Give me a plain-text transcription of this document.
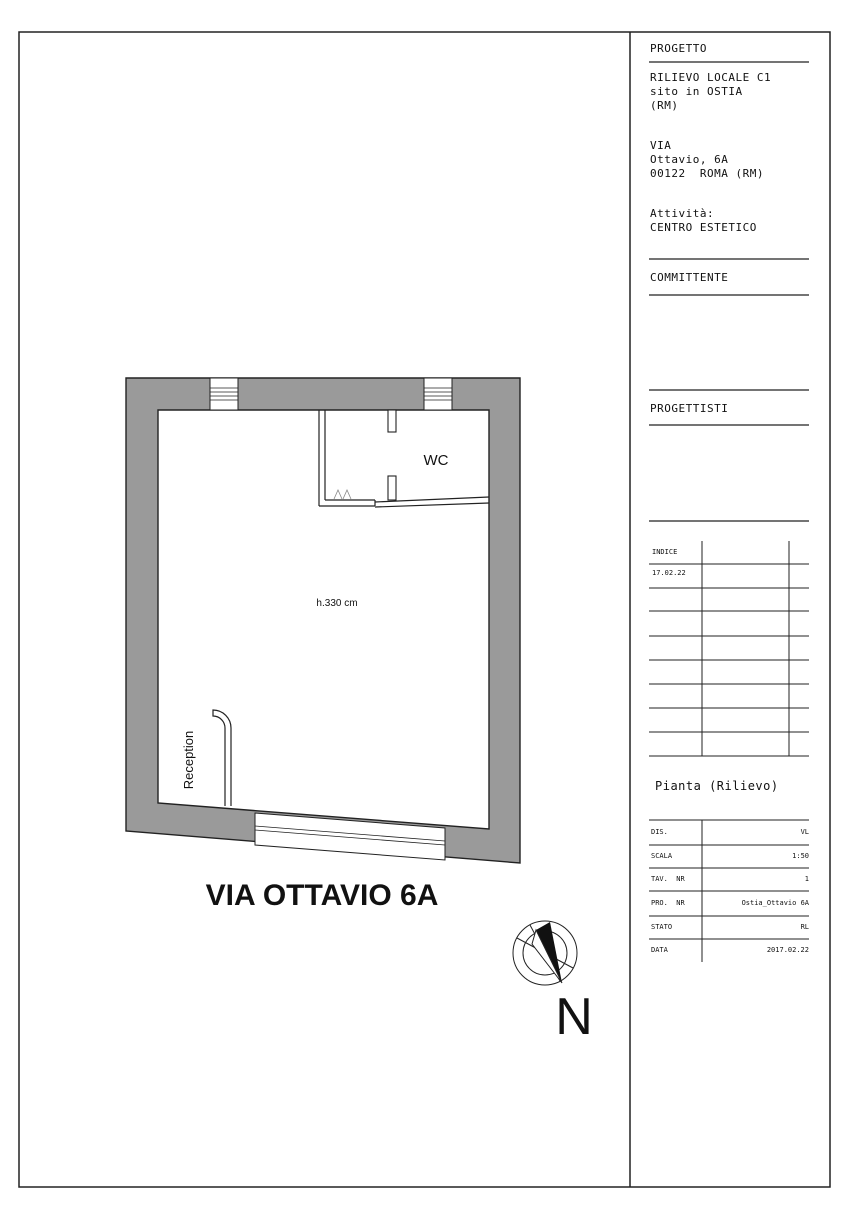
WC
h.330 cm
Reception
VIA OTTAVIO 6A
N
PROGETTO
RILIEVO LOCALE C1
sito in OSTIA
(RM)
VIA
Ottavio, 6A
00122  ROMA (RM)
Attività:
CENTRO ESTETICO
COMMITTENTE
PROGETTISTI
INDICE
17.02.22
Pianta (Rilievo)
DIS.	VL
SCALA	1:50
TAV.  NR	1
PRO.  NR	Ostia_Ottavio 6A
STATO	RL
DATA	2017.02.22
